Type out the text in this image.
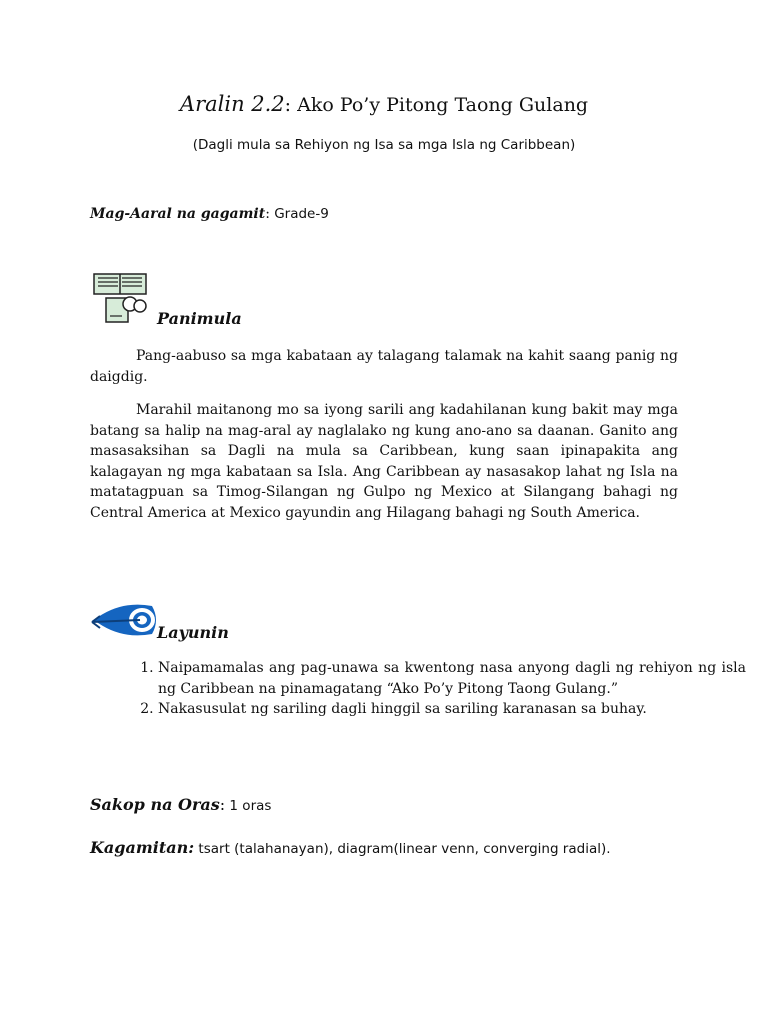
Aralin 2.2: Ako Po’y Pitong Taong Gulang
(Dagli mula sa Rehiyon ng Isa sa mga Isla ng Caribbean)
Mag-Aaral na gagamit: Grade-9
Panimula

Pang-aabuso sa mga kabataan ay talagang talamak na kahit saang panig ng daigdig.

Marahil maitanong mo sa iyong sarili ang kadahilanan kung bakit may mga batang sa halip na mag-aral ay naglalako ng kung ano-ano sa daanan. Ganito ang masasaksihan sa Dagli na mula sa Caribbean, kung saan ipinapakita ang kalagayan ng mga kabataan sa Isla. Ang Caribbean ay nasasakop lahat ng Isla na matatagpuan sa Timog-Silangan ng Gulpo ng Mexico at Silangang bahagi ng Central America at Mexico gayundin ang Hilagang bahagi ng South America.

Layunin
1. Naipamamalas ang pag-unawa sa kwentong nasa anyong dagli ng rehiyon ng isla ng Caribbean na pinamagatang “Ako Po’y Pitong Taong Gulang.”
2. Nakasusulat ng sariling dagli hinggil sa sariling karanasan sa buhay.
Sakop na Oras: 1 oras
Kagamitan: tsart (talahanayan), diagram(linear venn, converging radial).
